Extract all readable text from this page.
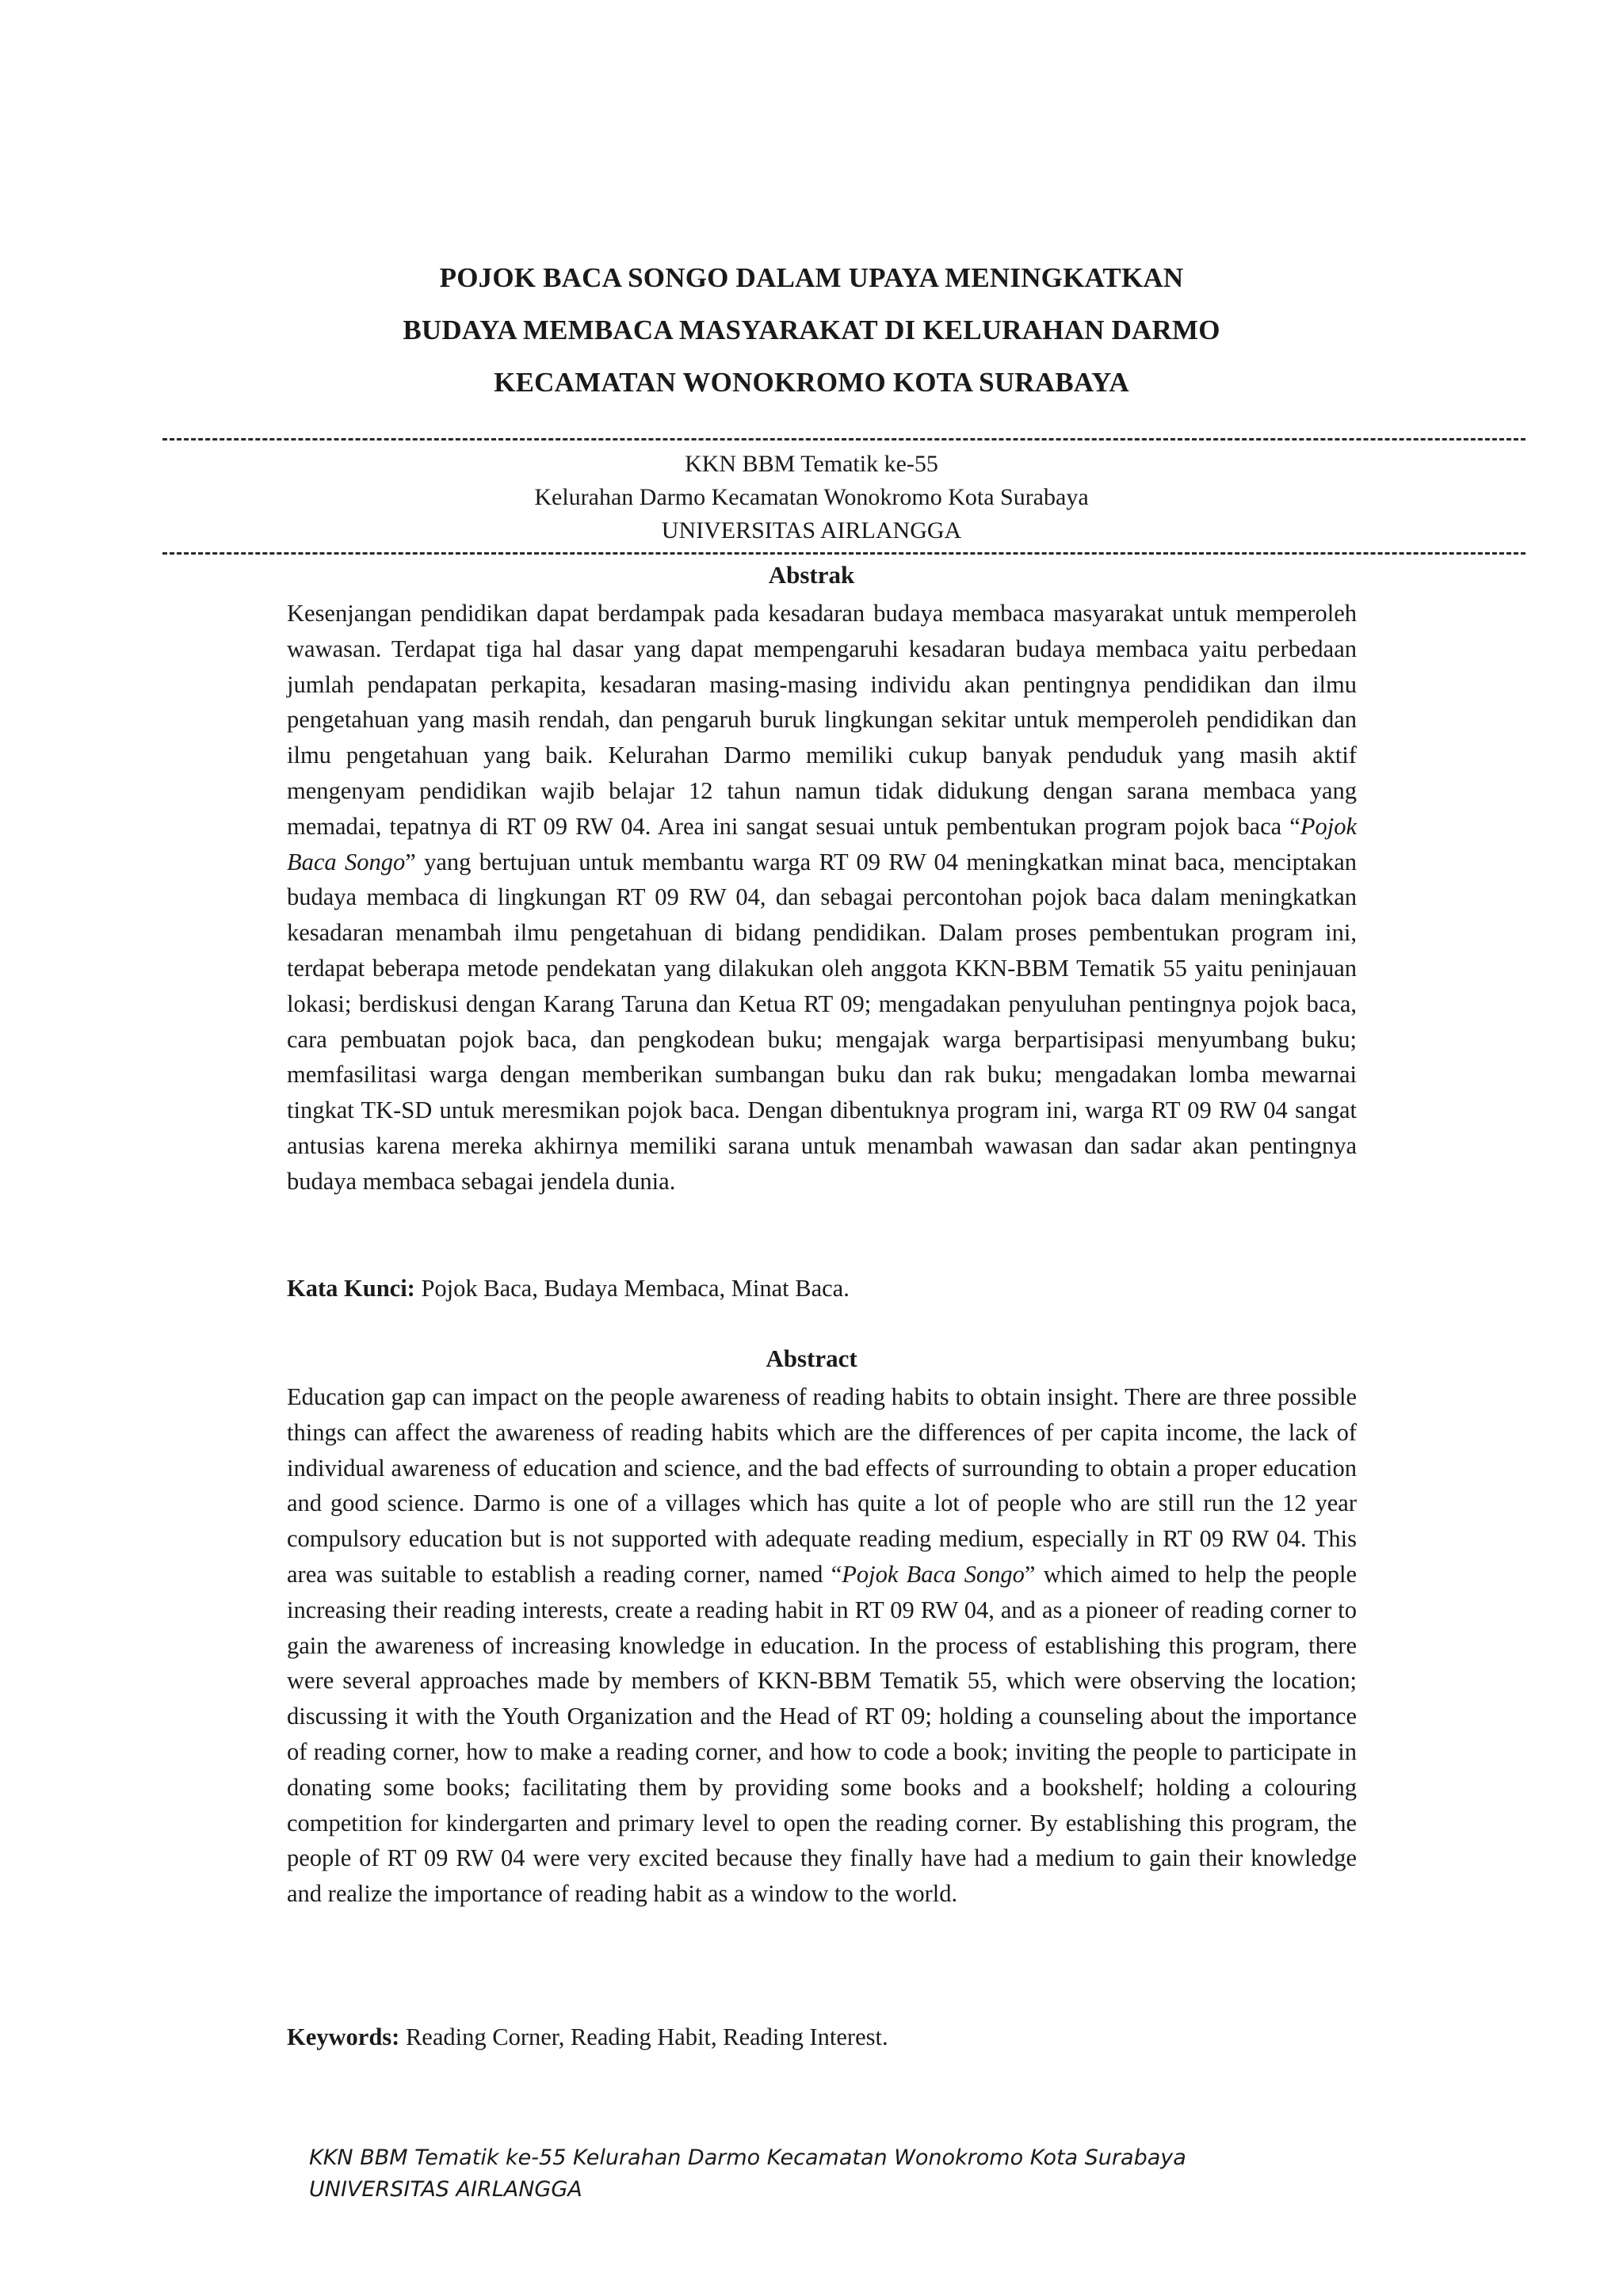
POJOK BACA SONGO DALAM UPAYA MENINGKATKAN
BUDAYA MEMBACA MASYARAKAT DI KELURAHAN DARMO
KECAMATAN WONOKROMO KOTA SURABAYA
KKN BBM Tematik ke-55
Kelurahan Darmo Kecamatan Wonokromo Kota Surabaya
UNIVERSITAS AIRLANGGA
Abstrak
Kesenjangan pendidikan dapat berdampak pada kesadaran budaya membaca masyarakat untuk memperoleh wawasan. Terdapat tiga hal dasar yang dapat mempengaruhi kesadaran budaya membaca yaitu perbedaan jumlah pendapatan perkapita, kesadaran masing-masing individu akan pentingnya pendidikan dan ilmu pengetahuan yang masih rendah, dan pengaruh buruk lingkungan sekitar untuk memperoleh pendidikan dan ilmu pengetahuan yang baik. Kelurahan Darmo memiliki cukup banyak penduduk yang masih aktif mengenyam pendidikan wajib belajar 12 tahun namun tidak didukung dengan sarana membaca yang memadai, tepatnya di RT 09 RW 04. Area ini sangat sesuai untuk pembentukan program pojok baca “Pojok Baca Songo” yang bertujuan untuk membantu warga RT 09 RW 04 meningkatkan minat baca, menciptakan budaya membaca di lingkungan RT 09 RW 04, dan sebagai percontohan pojok baca dalam meningkatkan kesadaran menambah ilmu pengetahuan di bidang pendidikan. Dalam proses pembentukan program ini, terdapat beberapa metode pendekatan yang dilakukan oleh anggota KKN-BBM Tematik 55 yaitu peninjauan lokasi; berdiskusi dengan Karang Taruna dan Ketua RT 09; mengadakan penyuluhan pentingnya pojok baca, cara pembuatan pojok baca, dan pengkodean buku; mengajak warga berpartisipasi menyumbang buku; memfasilitasi warga dengan memberikan sumbangan buku dan rak buku; mengadakan lomba mewarnai tingkat TK-SD untuk meresmikan pojok baca. Dengan dibentuknya program ini, warga RT 09 RW 04 sangat antusias karena mereka akhirnya memiliki sarana untuk menambah wawasan dan sadar akan pentingnya budaya membaca sebagai jendela dunia.
Kata Kunci: Pojok Baca, Budaya Membaca, Minat Baca.
Abstract
Education gap can impact on the people awareness of reading habits to obtain insight. There are three possible things can affect the awareness of reading habits which are the differences of per capita income, the lack of individual awareness of education and science, and the bad effects of surrounding to obtain a proper education and good science. Darmo is one of a villages which has quite a lot of people who are still run the 12 year compulsory education but is not supported with adequate reading medium, especially in RT 09 RW 04. This area was suitable to establish a reading corner, named “Pojok Baca Songo” which aimed to help the people increasing their reading interests, create a reading habit in RT 09 RW 04, and as a pioneer of reading corner to gain the awareness of increasing knowledge in education. In the process of establishing this program, there were several approaches made by members of KKN-BBM Tematik 55, which were observing the location; discussing it with the Youth Organization and the Head of RT 09; holding a counseling about the importance of reading corner, how to make a reading corner, and how to code a book; inviting the people to participate in donating some books; facilitating them by providing some books and a bookshelf; holding a colouring competition for kindergarten and primary level to open the reading corner. By establishing this program, the people of RT 09 RW 04 were very excited because they finally have had a medium to gain their knowledge and realize the importance of reading habit as a window to the world.
Keywords: Reading Corner, Reading Habit, Reading Interest.
KKN BBM Tematik ke-55 Kelurahan Darmo Kecamatan Wonokromo Kota Surabaya
UNIVERSITAS AIRLANGGA
